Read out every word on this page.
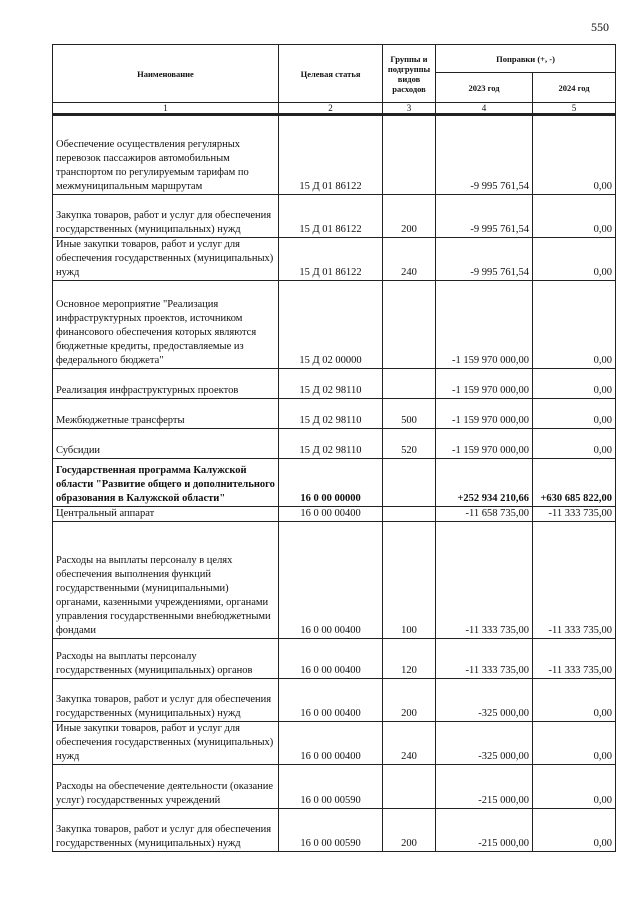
550
Наименование	Целевая статья	Группы и подгруппы видов расходов	Поправки (+, -)	
			2023 год	2024 год
1	2	3	4	5
Обеспечение осуществления регулярных перевозок пассажиров автомобильным транспортом по регулируемым тарифам по межмуниципальным маршрутам	15 Д 01 86122		-9 995 761,54	0,00
Закупка товаров, работ и услуг для обеспечения государственных (муниципальных) нужд	15 Д 01 86122	200	-9 995 761,54	0,00
Иные закупки товаров, работ и услуг для обеспечения государственных (муниципальных) нужд	15 Д 01 86122	240	-9 995 761,54	0,00
Основное мероприятие "Реализация инфраструктурных проектов, источником финансового обеспечения которых являются бюджетные кредиты, предоставляемые из федерального бюджета"	15 Д 02 00000		-1 159 970 000,00	0,00
Реализация инфраструктурных проектов	15 Д 02 98110		-1 159 970 000,00	0,00
Межбюджетные трансферты	15 Д 02 98110	500	-1 159 970 000,00	0,00
Субсидии	15 Д 02 98110	520	-1 159 970 000,00	0,00
Государственная программа Калужской области "Развитие общего и дополнительного образования в Калужской области"	16 0 00 00000		+252 934 210,66	+630 685 822,00
Центральный аппарат	16 0 00 00400		-11 658 735,00	-11 333 735,00
Расходы на выплаты персоналу в целях обеспечения выполнения функций государственными (муниципальными) органами, казенными учреждениями, органами управления государственными внебюджетными фондами	16 0 00 00400	100	-11 333 735,00	-11 333 735,00
Расходы на выплаты персоналу государственных (муниципальных) органов	16 0 00 00400	120	-11 333 735,00	-11 333 735,00
Закупка товаров, работ и услуг для обеспечения государственных (муниципальных) нужд	16 0 00 00400	200	-325 000,00	0,00
Иные закупки товаров, работ и услуг для обеспечения государственных (муниципальных) нужд	16 0 00 00400	240	-325 000,00	0,00
Расходы на обеспечение деятельности (оказание услуг) государственных учреждений	16 0 00 00590		-215 000,00	0,00
Закупка товаров, работ и услуг для обеспечения государственных (муниципальных) нужд	16 0 00 00590	200	-215 000,00	0,00
